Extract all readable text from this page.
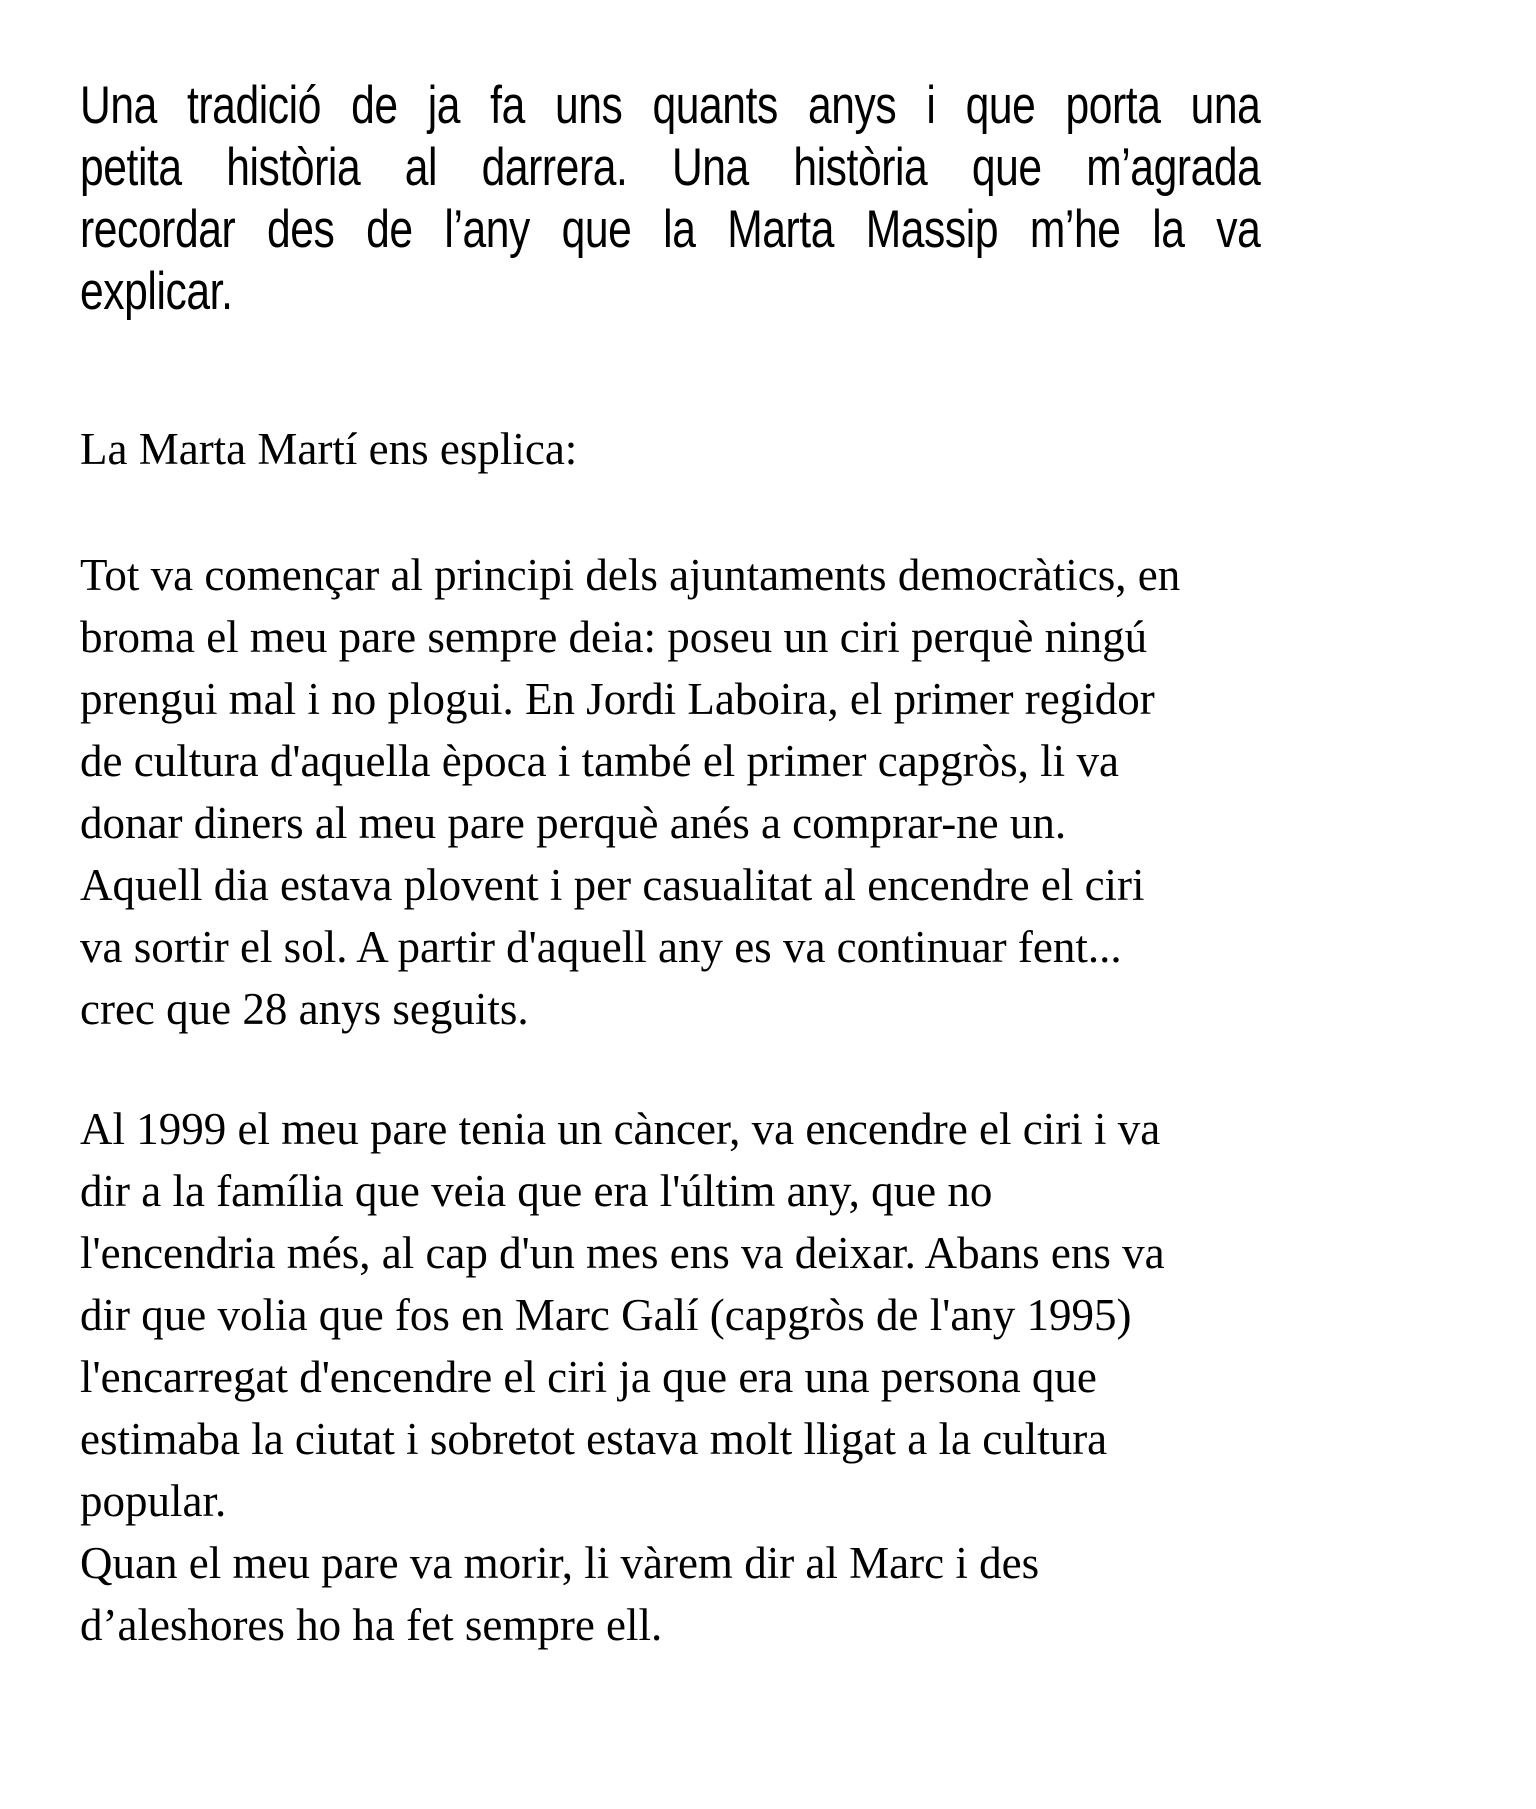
Una tradició de ja fa uns quants anys i que porta una
petita història al darrera. Una història que m’agrada
recordar des de l’any que la Marta Massip m’he la va
explicar.
La Marta Martí ens esplica:
Tot va començar al principi dels ajuntaments democràtics, en
broma el meu pare sempre deia: poseu un ciri perquè ningú
prengui mal i no plogui. En Jordi Laboira, el primer regidor
de cultura d'aquella època i també el primer capgròs, li va
donar diners al meu pare perquè anés a comprar-ne un.
Aquell dia estava plovent i per casualitat al encendre el ciri
va sortir el sol. A partir d'aquell any es va continuar fent...
crec que 28 anys seguits.
Al 1999 el meu pare tenia un càncer, va encendre el ciri i va
dir a la família que veia que era l'últim any, que no
l'encendria més, al cap d'un mes ens va deixar. Abans ens va
dir que volia que fos en Marc Galí (capgròs de l'any 1995)
l'encarregat d'encendre el ciri ja que era una persona que
estimaba la ciutat i sobretot estava molt lligat a la cultura
popular.
Quan el meu pare va morir, li vàrem dir al Marc i des
d’aleshores ho ha fet sempre ell.
